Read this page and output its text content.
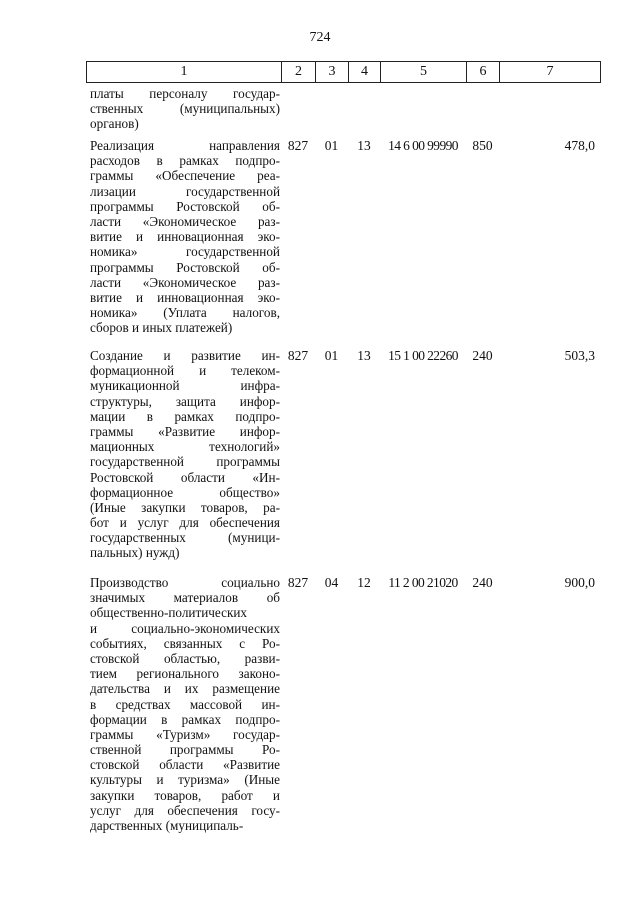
724
1	2	3	4	5	6	7
платы персоналу государ-
ственных (муниципальных)
органов)
Реализация направления
расходов в рамках подпро-
граммы «Обеспечение реа-
лизации государственной
программы Ростовской об-
ласти «Экономическое раз-
витие и инновационная эко-
номика» государственной
программы Ростовской об-
ласти «Экономическое раз-
витие и инновационная эко-
номика» (Уплата налогов,
сборов и иных платежей)
827	01	13	14 6 00 99990	850	478,0
Создание и развитие ин-
формационной и телеком-
муникационной инфра-
структуры, защита инфор-
мации в рамках подпро-
граммы «Развитие инфор-
мационных технологий»
государственной программы
Ростовской области «Ин-
формационное общество»
(Иные закупки товаров, ра-
бот и услуг для обеспечения
государственных (муници-
пальных) нужд)
827	01	13	15 1 00 22260	240	503,3
Производство социально
значимых материалов об
общественно-политических
и социально-экономических
событиях, связанных с Ро-
стовской областью, разви-
тием регионального законо-
дательства и их размещение
в средствах массовой ин-
формации в рамках подпро-
граммы «Туризм» государ-
ственной программы Ро-
стовской области «Развитие
культуры и туризма» (Иные
закупки товаров, работ и
услуг для обеспечения госу-
дарственных (муниципаль-
827	04	12	11 2 00 21020	240	900,0
